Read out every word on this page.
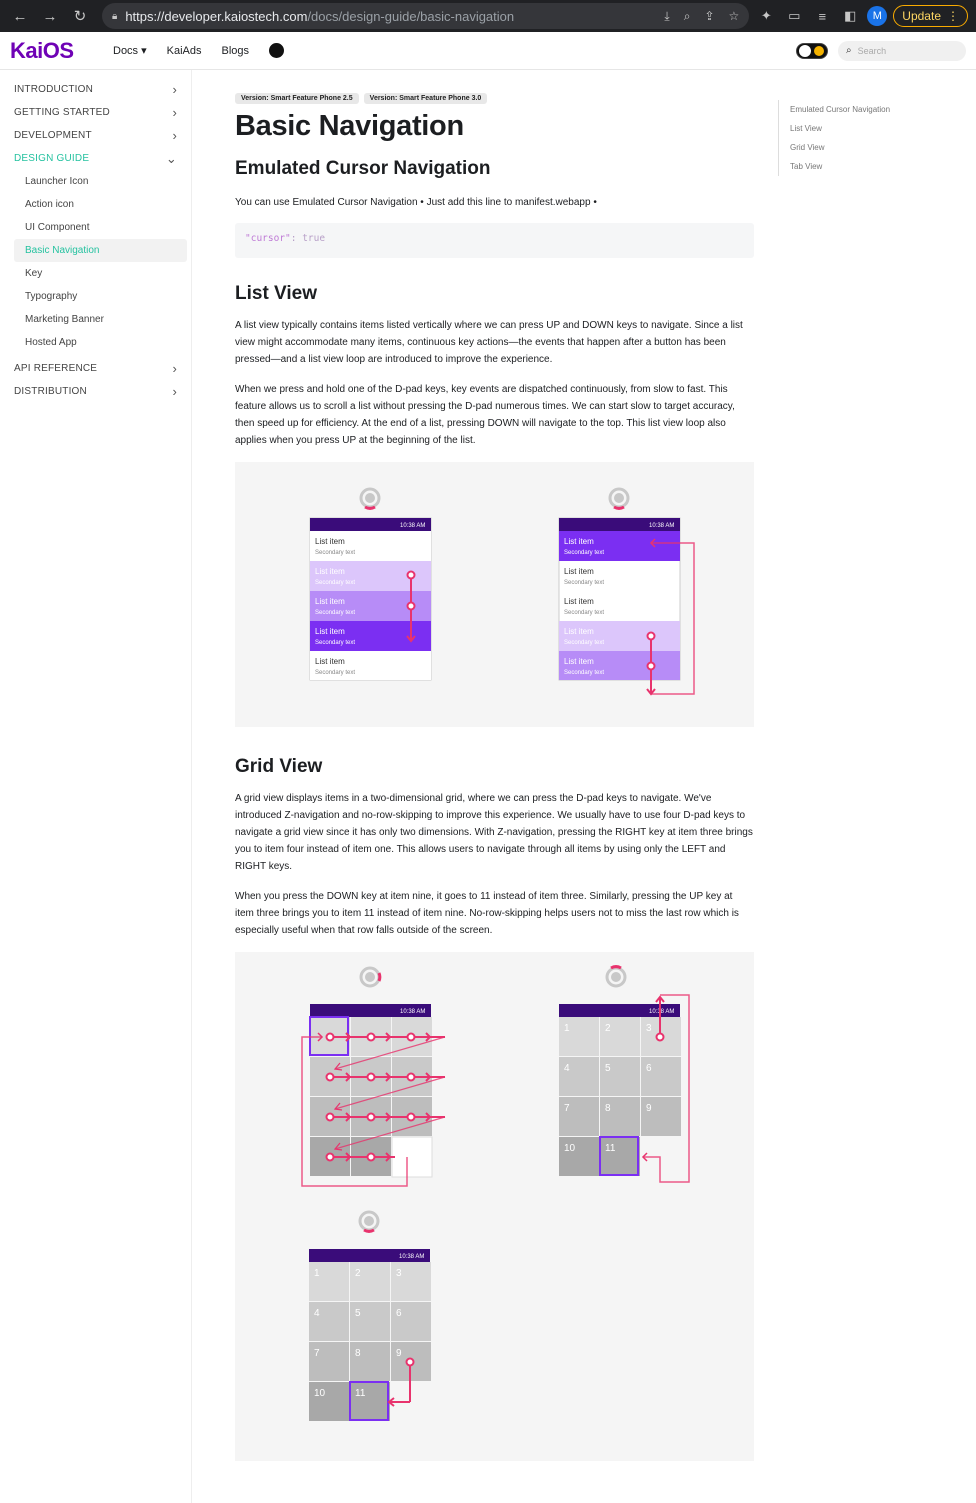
←	→	↻	🔒︎ https://developer.kaiostech.com/docs/design-guide/basic-navigation	⤓ ⌕ ⇪ ☆	✦	▭	≡	◧	M	Update ⋮
KaiOS	Docs ▾ KaiAds Blogs	⌕ Search
INTRODUCTION	›
GETTING STARTED	›
DEVELOPMENT	›
DESIGN GUIDE	⌄
Launcher Icon
Action icon
UI Component
Basic Navigation
Key
Typography
Marketing Banner
Hosted App
API REFERENCE	›
DISTRIBUTION	›
Version: Smart Feature Phone 2.5	Version: Smart Feature Phone 3.0
Basic Navigation
Emulated Cursor Navigation

You can use Emulated Cursor Navigation • Just add this line to manifest.webapp •

"cursor": true
List View

A list view typically contains items listed vertically where we can press UP and DOWN keys to navigate. Since a list view might accommodate many items, continuous key actions—the events that happen after a button has been pressed—and a list view loop are introduced to improve the experience.

When we press and hold one of the D-pad keys, key events are dispatched continuously, from slow to fast. This feature allows us to scroll a list without pressing the D-pad numerous times. We can start slow to target accuracy, then speed up for efficiency. At the end of a list, pressing DOWN will navigate to the top. This list view loop also applies when you press UP at the beginning of the list.

10:38 AM
List item
Secondary text
List item
Secondary text
List item
Secondary text
List item
Secondary text
List item
Secondary text
10:38 AM
List item
Secondary text
List item
Secondary text
List item
Secondary text
List item
Secondary text
List item
Secondary text
Grid View

A grid view displays items in a two-dimensional grid, where we can press the D-pad keys to navigate. We've introduced Z-navigation and no-row-skipping to improve this experience. We usually have to use four D-pad keys to navigate a grid view since it has only two dimensions. With Z-navigation, pressing the RIGHT key at item three brings you to item four instead of item one. This allows users to navigate through all items by using only the LEFT and RIGHT keys.

When you press the DOWN key at item nine, it goes to 11 instead of item three. Similarly, pressing the UP key at item three brings you to item 11 instead of item nine. No-row-skipping helps users not to miss the last row which is especially useful when that row falls outside of the screen.

10:38 AM	10:38 AM
1	2	3
4	5	6
7	8	9
10	11
10:38 AM
1	2	3
4	5	6
7	8	9
10	11
Emulated Cursor Navigation
List View
Grid View
Tab View
